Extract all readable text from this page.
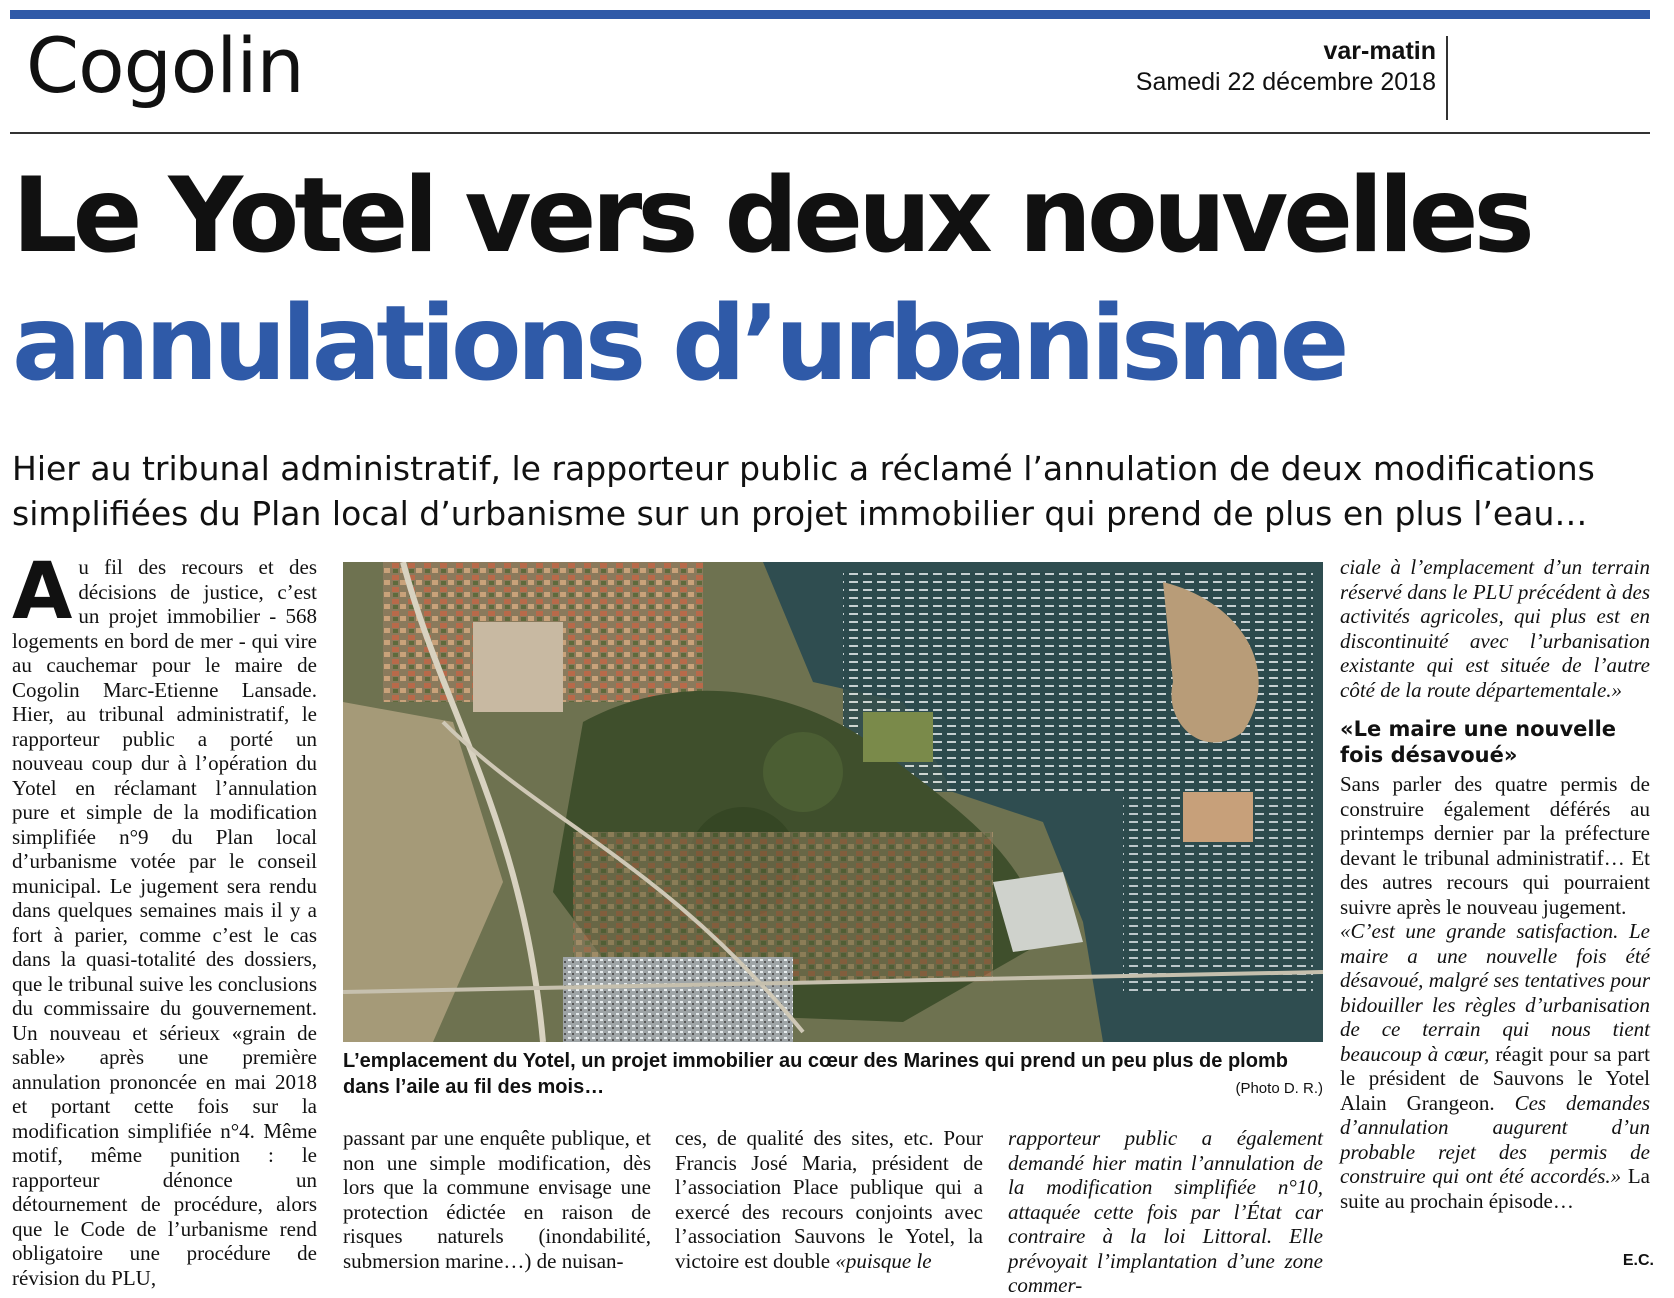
Cogolin	var-matin
Samedi 22 décembre 2018
Le Yotel vers deux nouvelles
annulations d’urbanisme
Hier au tribunal administratif, le rapporteur public a réclamé l’annulation de deux modifications simplifiées du Plan local d’urbanisme sur un projet immobilier qui prend de plus en plus l’eau…
A u fil des recours et des décisions de justice, c’est un projet immobilier - 568 logements en bord de mer - qui vire au cauchemar pour le maire de Cogolin Marc-Etienne Lansade. Hier, au tribunal administratif, le rapporteur public a porté un nouveau coup dur à l’opération du Yotel en réclamant l’annulation pure et simple de la modification simplifiée n°9 du Plan local d’urbanisme votée par le conseil municipal. Le jugement sera rendu dans quelques semaines mais il y a fort à parier, comme c’est le cas dans la quasi-totalité des dossiers, que le tribunal suive les conclusions du commissaire du gouvernement. Un nouveau et sérieux «grain de sable» après une première annulation prononcée en mai 2018 et portant cette fois sur la modification simplifiée n°4. Même motif, même punition : le rapporteur dénonce un détournement de procédure, alors que le Code de l’urbanisme rend obligatoire une procédure de révision du PLU,

L’emplacement du Yotel, un projet immobilier au cœur des Marines qui prend un peu plus de plomb dans l’aile au fil des mois…	(Photo D. R.)

passant par une enquête publique, et non une simple modification, dès lors que la commune envisage une protection édictée en raison de risques naturels (inondabilité, submersion marine…) de nuisan-

ces, de qualité des sites, etc. Pour Francis José Maria, président de l’association Place publique qui a exercé des recours conjoints avec l’association Sauvons le Yotel, la victoire est double «puisque le

rapporteur public a également demandé hier matin l’annulation de la modification simplifiée n°10, attaquée cette fois par l’État car contraire à la loi Littoral. Elle prévoyait l’implantation d’une zone commer-

ciale à l’emplacement d’un terrain réservé dans le PLU précédent à des activités agricoles, qui plus est en discontinuité avec l’urbanisation existante qui est située de l’autre côté de la route départementale.»

«Le maire une nouvelle fois désavoué»

Sans parler des quatre permis de construire également déférés au printemps dernier par la préfecture devant le tribunal administratif… Et des autres recours qui pourraient suivre après le nouveau jugement.

«C’est une grande satisfaction. Le maire a une nouvelle fois été désavoué, malgré ses tentatives pour bidouiller les règles d’urbanisation de ce terrain qui nous tient beaucoup à cœur, réagit pour sa part le président de Sauvons le Yotel Alain Grangeon. Ces demandes d’annulation augurent d’un probable rejet des permis de construire qui ont été accordés.» La suite au prochain épisode…

E.C.
